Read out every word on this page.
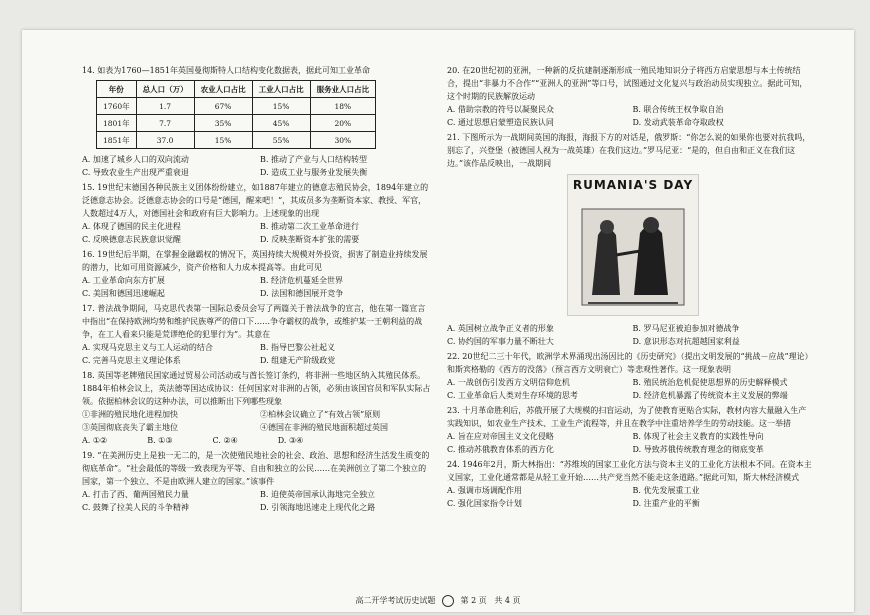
14. 如表为1760—1851年英国曼彻斯特人口结构变化数据表，据此可知工业革命

年份	总人口（万）	农业人口占比	工业人口占比	服务业人口占比
1760年	1.7	67%	15%	18%
1801年	7.7	35%	45%	20%
1851年	37.0	15%	55%	30%
A. 加速了城乡人口的双向流动	B. 推动了产业与人口结构转型
C. 导致农业生产出现严重衰退	D. 造成工业与服务业发展失衡

15. 19世纪末德国各种民族主义团体纷纷建立，如1887年建立的德意志殖民协会，1894年建立的泛德意志协会。泛德意志协会的口号是“德国，醒来吧！”，其成员多为垄断资本家、教授、军官，人数超过4万人，对德国社会和政府有巨大影响力。上述现象的出现

A. 体现了德国的民主化进程	B. 推动第二次工业革命进行
C. 反映德意志民族意识觉醒	D. 反映垄断资本扩张的需要

16. 19世纪后半期，在掌握金融霸权的情况下，英国持续大规模对外投资，损害了制造业持续发展的潜力，比如可用资源减少，资产价格和人力成本提高等。由此可见

A. 工业革命向东方扩展	B. 经济危机蔓延全世界
C. 美国和德国迅速崛起	D. 法国和德国展开竞争

17. 普法战争期间，马克思代表第一国际总委员会写了两篇关于普法战争的宣言，他在第一篇宣言中指出“在保持欧洲均势和维护民族尊严的借口下……争夺霸权的战争，或维护某一王朝利益的战争，在工人看来只能是荒谬绝伦的犯罪行为”。其意在

A. 实现马克思主义与工人运动的结合	B. 指导巴黎公社起义
C. 完善马克思主义理论体系	D. 组建无产阶级政党

18. 英国等老牌殖民国家通过贸易公司活动或与酋长签订条约，将非洲一些地区纳入其殖民体系。1884年柏林会议上，英法德等国达成协议：任何国家对非洲的占领，必须由该国官员和军队实际占领。依据柏林会议的这种办法，可以推断出下列哪些现象

①非洲的殖民地化进程加快	②柏林会议确立了“有效占领”原则
③英国彻底丧失了霸主地位	④德国在非洲的殖民地面积超过英国
A. ①②	B. ①③	C. ②④	D. ③④

19. “在美洲历史上是独一无二的，是一次使殖民地社会的社会、政治、思想和经济生活发生质变的彻底革命”。“社会最低的等级一致表现为平等、自由和独立的公民……在美洲创立了第二个独立的国家，第一个独立、不是由欧洲人建立的国家。”该事件

A. 打击了西、葡两国殖民力量	B. 迫使英帝国承认海地完全独立
C. 鼓舞了拉美人民的斗争精神	D. 引领海地迅速走上现代化之路

20. 在20世纪初的亚洲，一种新的反抗建制逐渐形成一殖民地知识分子将西方启蒙思想与本土传统结合，提出“非暴力不合作”“亚洲人的亚洲”等口号，试图通过文化复兴与政治动员实现独立。据此可知，这个时期的民族解放运动

A. 借助宗教的符号以凝聚民众	B. 联合传统王权争取自治
C. 通过思想启蒙塑造民族认同	D. 发动武装革命夺取政权

21. 下图所示为一战期间英国的海报，海报下方的对话是，俄罗斯：“你怎么说的如果你也要对抗我吗，别忘了，兴登堡（被德国人视为一战英雄）在我们这边。”罗马尼亚：“是的，但自由和正义在我们这边。”该作品反映出，一战期间

RUMANIA'S DAY
A. 英国树立战争正义者的形象	B. 罗马尼亚被迫参加对德战争
C. 协约国的军事力量不断壮大	D. 意识形态对抗超越国家利益

22. 20世纪二三十年代，欧洲学术界涌现出汤因比的《历史研究》（提出文明发展的“挑战－应战”理论）和斯宾格勒的《西方的没落》（预言西方文明衰亡）等悲观性著作。这一现象表明

A. 一战创伤引发西方文明信仰危机	B. 殖民统治危机促使思想界的历史解释模式
C. 工业革命后人类对生存环境的思考	D. 经济危机暴露了传统资本主义发展的弊端

23. 十月革命胜利后，苏俄开展了大规模的扫盲运动，为了使教育更贴合实际，教材内容大量融入生产实践知识，如农业生产技术、工业生产流程等，并且在教学中注重培养学生的劳动技能。这一举措

A. 旨在应对帝国主义文化侵略	B. 体现了社会主义教育的实践性导向
C. 推动苏俄教育体系的西方化	D. 导致苏俄传统教育理念的彻底变革

24. 1946年2月，斯大林指出：“苏维埃的国家工业化方法与资本主义的工业化方法根本不同。在资本主义国家，工业化通常都是从轻工业开始……共产党当然不能走这条道路。”据此可知，斯大林经济模式

A. 强调市场调配作用	B. 优先发展重工业
C. 强化国家指令计划	D. 注重产业的平衡
高二开学考试历史试题	第 2 页 共 4 页
